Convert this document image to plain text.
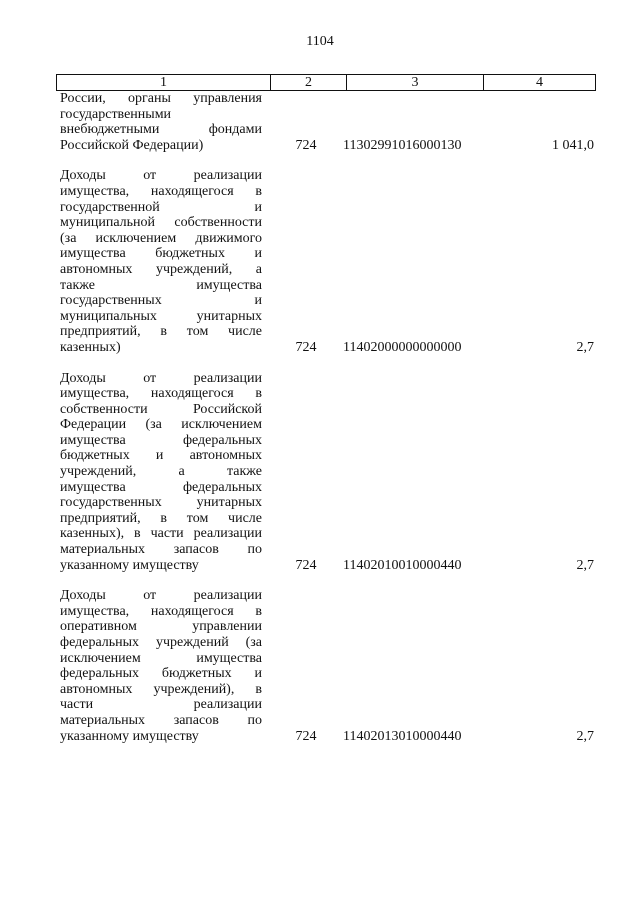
1104
1	2	3	4
России, органы управления
государственными
внебюджетными фондами
Российской Федерации)	724	11302991016000130	1 041,0
Доходы от реализации
имущества, находящегося в
государственной и
муниципальной собственности
(за исключением движимого
имущества бюджетных и
автономных учреждений, а
также имущества
государственных и
муниципальных унитарных
предприятий, в том числе
казенных)	724	11402000000000000	2,7
Доходы от реализации
имущества, находящегося в
собственности Российской
Федерации (за исключением
имущества федеральных
бюджетных и автономных
учреждений, а также
имущества федеральных
государственных унитарных
предприятий, в том числе
казенных), в части реализации
материальных запасов по
указанному имуществу	724	11402010010000440	2,7
Доходы от реализации
имущества, находящегося в
оперативном управлении
федеральных учреждений (за
исключением имущества
федеральных бюджетных и
автономных учреждений), в
части реализации
материальных запасов по
указанному имуществу	724	11402013010000440	2,7
